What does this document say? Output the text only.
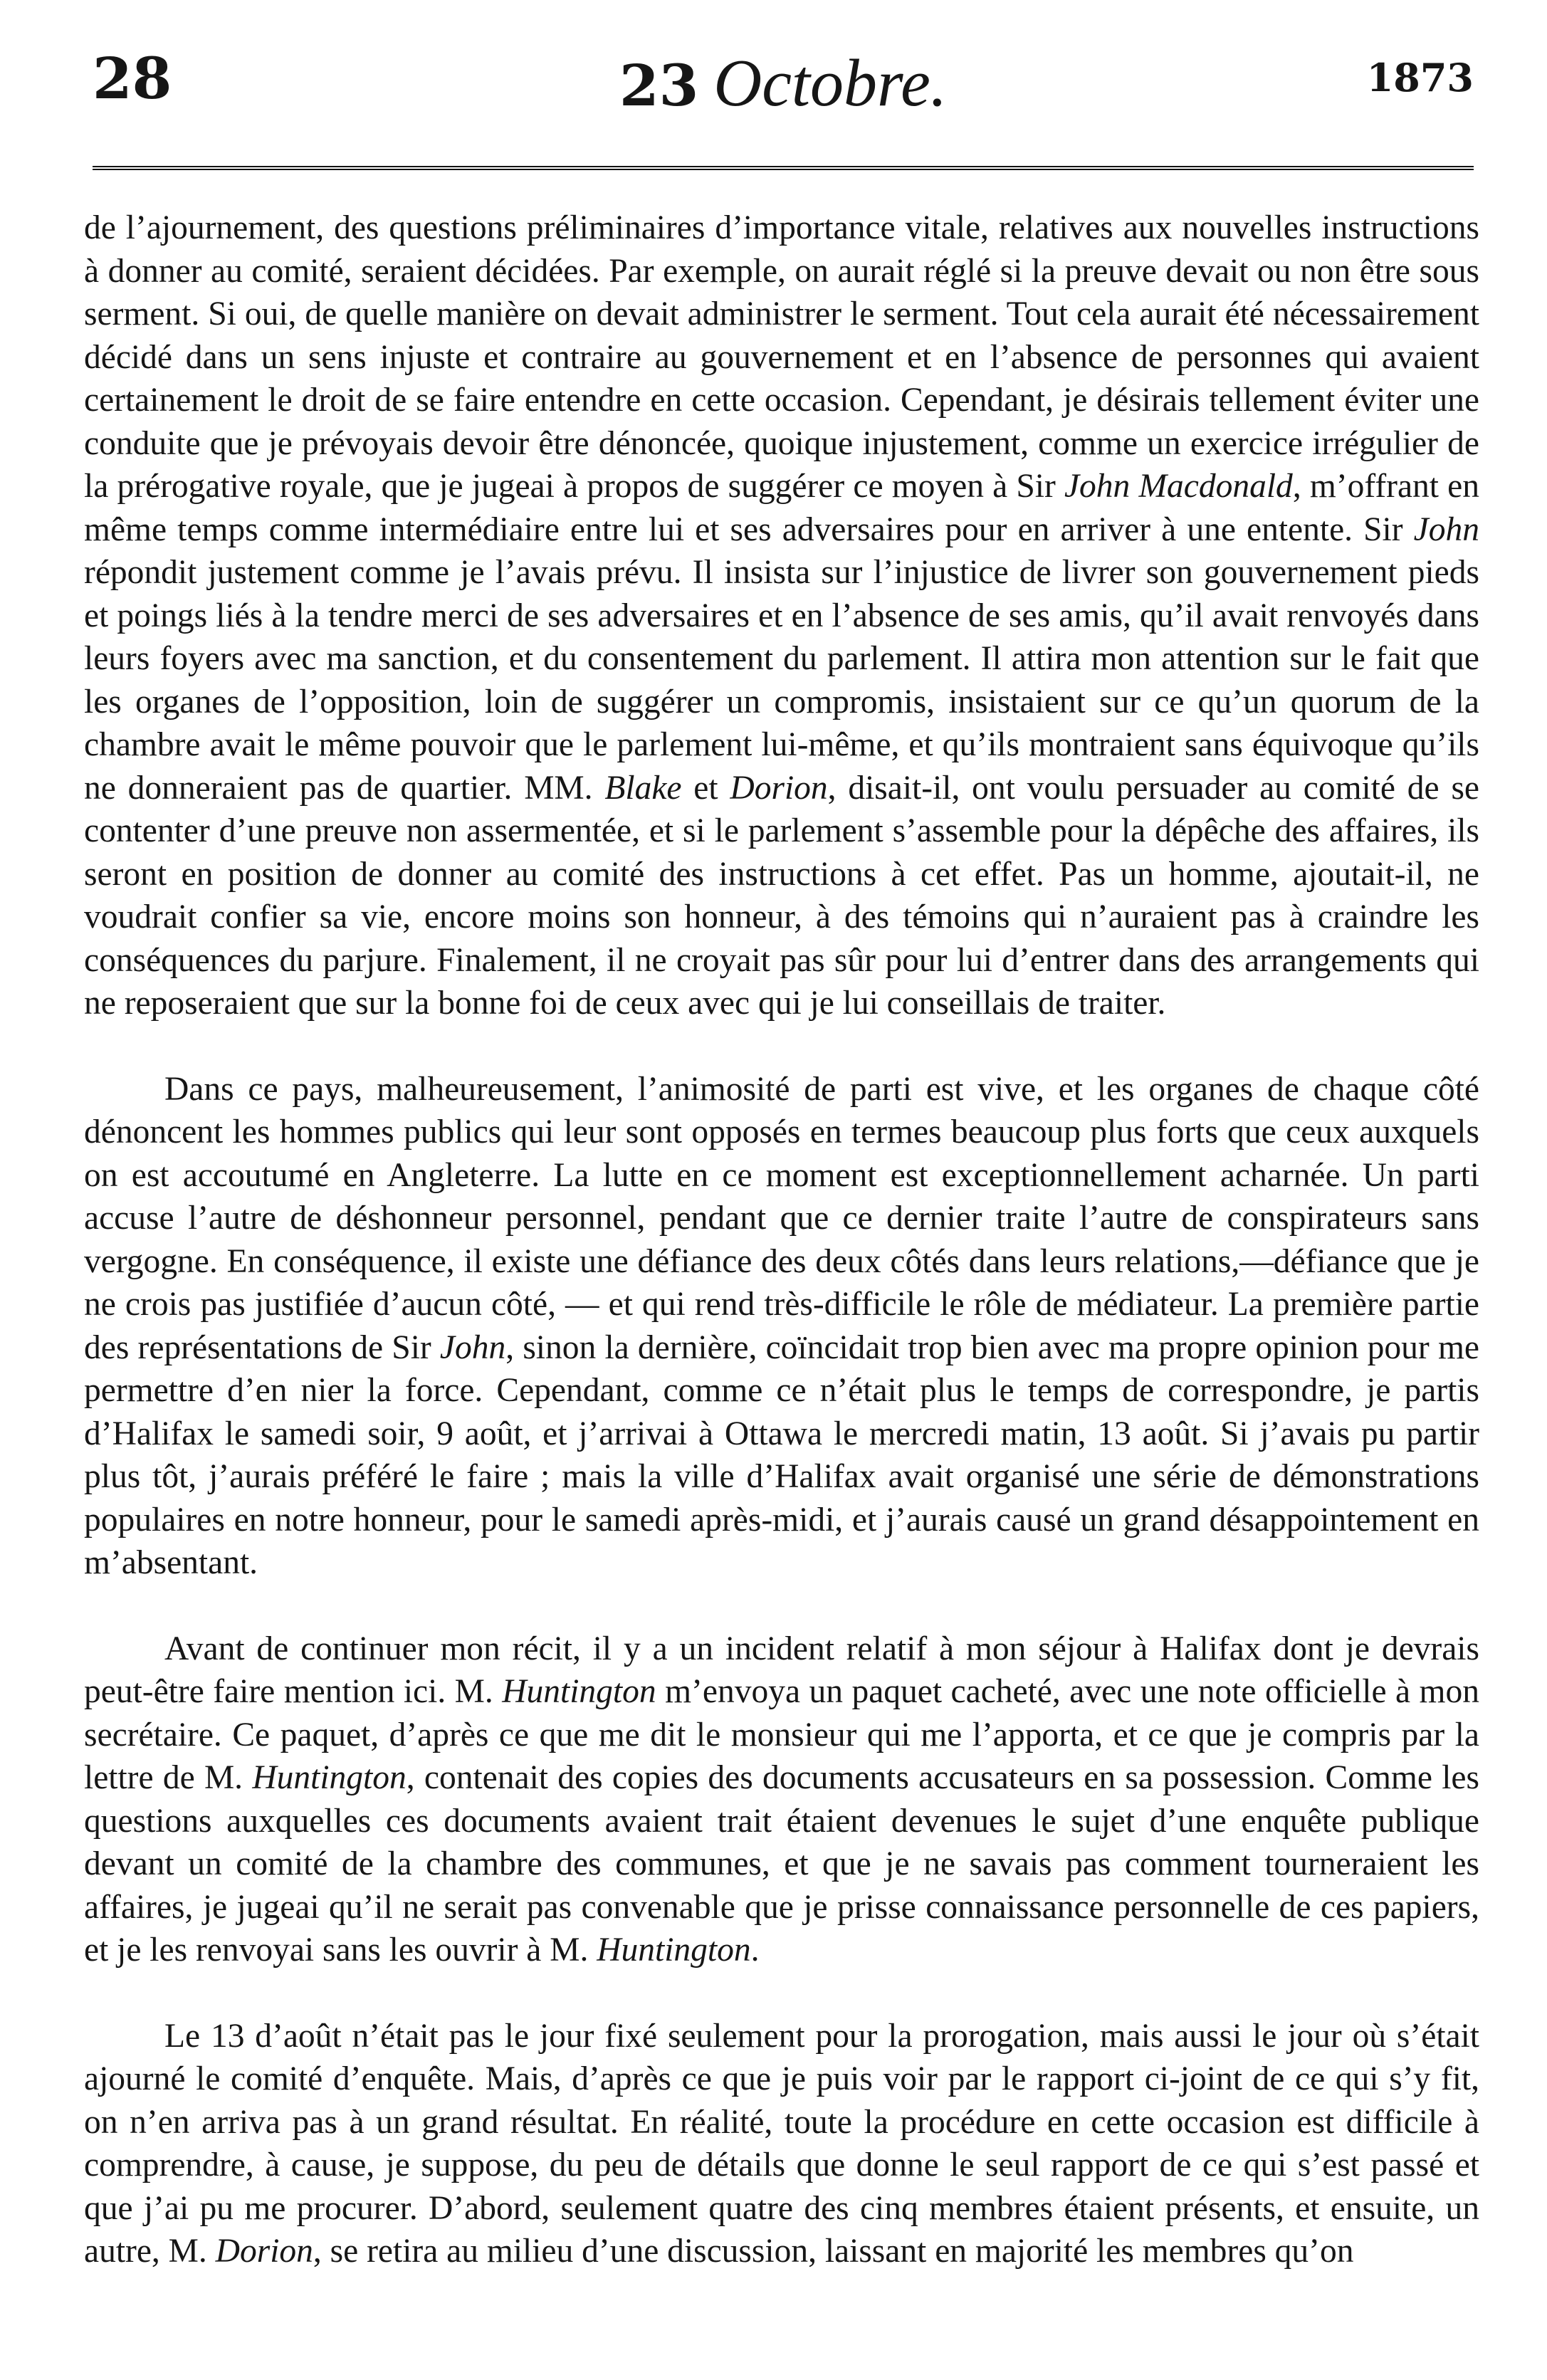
28	23 Octobre.	1873

de l’ajournement, des questions préliminaires d’importance vitale, relatives aux nouvelles instructions à donner au comité, seraient décidées. Par exemple, on aurait réglé si la preuve devait ou non être sous serment. Si oui, de quelle manière on devait administrer le serment. Tout cela aurait été nécessairement décidé dans un sens injuste et contraire au gouvernement et en l’absence de personnes qui avaient certainement le droit de se faire entendre en cette occasion. Cependant, je désirais tellement éviter une conduite que je prévoyais devoir être dénoncée, quoique injustement, comme un exercice irrégulier de la prérogative royale, que je jugeai à propos de suggérer ce moyen à Sir John Macdonald, m’offrant en même temps comme intermédiaire entre lui et ses adversaires pour en arriver à une entente. Sir John répondit justement comme je l’avais prévu. Il insista sur l’injustice de livrer son gouvernement pieds et poings liés à la tendre merci de ses adversaires et en l’absence de ses amis, qu’il avait renvoyés dans leurs foyers avec ma sanction, et du consentement du parlement. Il attira mon attention sur le fait que les organes de l’opposition, loin de suggérer un compromis, insistaient sur ce qu’un quorum de la chambre avait le même pouvoir que le parlement lui-même, et qu’ils montraient sans équivoque qu’ils ne donneraient pas de quartier. MM. Blake et Dorion, disait-il, ont voulu persuader au comité de se contenter d’une preuve non assermentée, et si le parlement s’assemble pour la dépêche des affaires, ils seront en position de donner au comité des instructions à cet effet. Pas un homme, ajoutait-il, ne voudrait confier sa vie, encore moins son honneur, à des témoins qui n’auraient pas à craindre les conséquences du parjure. Finalement, il ne croyait pas sûr pour lui d’entrer dans des arrangements qui ne reposeraient que sur la bonne foi de ceux avec qui je lui conseillais de traiter.

Dans ce pays, malheureusement, l’animosité de parti est vive, et les organes de chaque côté dénoncent les hommes publics qui leur sont opposés en termes beaucoup plus forts que ceux auxquels on est accoutumé en Angleterre. La lutte en ce moment est exceptionnellement acharnée. Un parti accuse l’autre de déshonneur personnel, pendant que ce dernier traite l’autre de conspirateurs sans vergogne. En conséquence, il existe une défiance des deux côtés dans leurs relations,—défiance que je ne crois pas justifiée d’aucun côté, — et qui rend très-difficile le rôle de médiateur. La première partie des représentations de Sir John, sinon la dernière, coïncidait trop bien avec ma propre opinion pour me permettre d’en nier la force. Cependant, comme ce n’était plus le temps de correspondre, je partis d’Halifax le samedi soir, 9 août, et j’arrivai à Ottawa le mercredi matin, 13 août. Si j’avais pu partir plus tôt, j’aurais préféré le faire ; mais la ville d’Halifax avait organisé une série de démonstrations populaires en notre honneur, pour le samedi après-midi, et j’aurais causé un grand désappointement en m’absentant.

Avant de continuer mon récit, il y a un incident relatif à mon séjour à Halifax dont je devrais peut-être faire mention ici. M. Huntington m’envoya un paquet cacheté, avec une note officielle à mon secrétaire. Ce paquet, d’après ce que me dit le monsieur qui me l’apporta, et ce que je compris par la lettre de M. Huntington, contenait des copies des documents accusateurs en sa possession. Comme les questions auxquelles ces documents avaient trait étaient devenues le sujet d’une enquête publique devant un comité de la chambre des communes, et que je ne savais pas comment tourneraient les affaires, je jugeai qu’il ne serait pas convenable que je prisse connaissance personnelle de ces papiers, et je les renvoyai sans les ouvrir à M. Huntington.

Le 13 d’août n’était pas le jour fixé seulement pour la prorogation, mais aussi le jour où s’était ajourné le comité d’enquête. Mais, d’après ce que je puis voir par le rapport ci-joint de ce qui s’y fit, on n’en arriva pas à un grand résultat. En réalité, toute la procédure en cette occasion est difficile à comprendre, à cause, je suppose, du peu de détails que donne le seul rapport de ce qui s’est passé et que j’ai pu me procurer. D’abord, seulement quatre des cinq membres étaient présents, et ensuite, un autre, M. Dorion, se retira au milieu d’une discussion, laissant en majorité les membres qu’on
